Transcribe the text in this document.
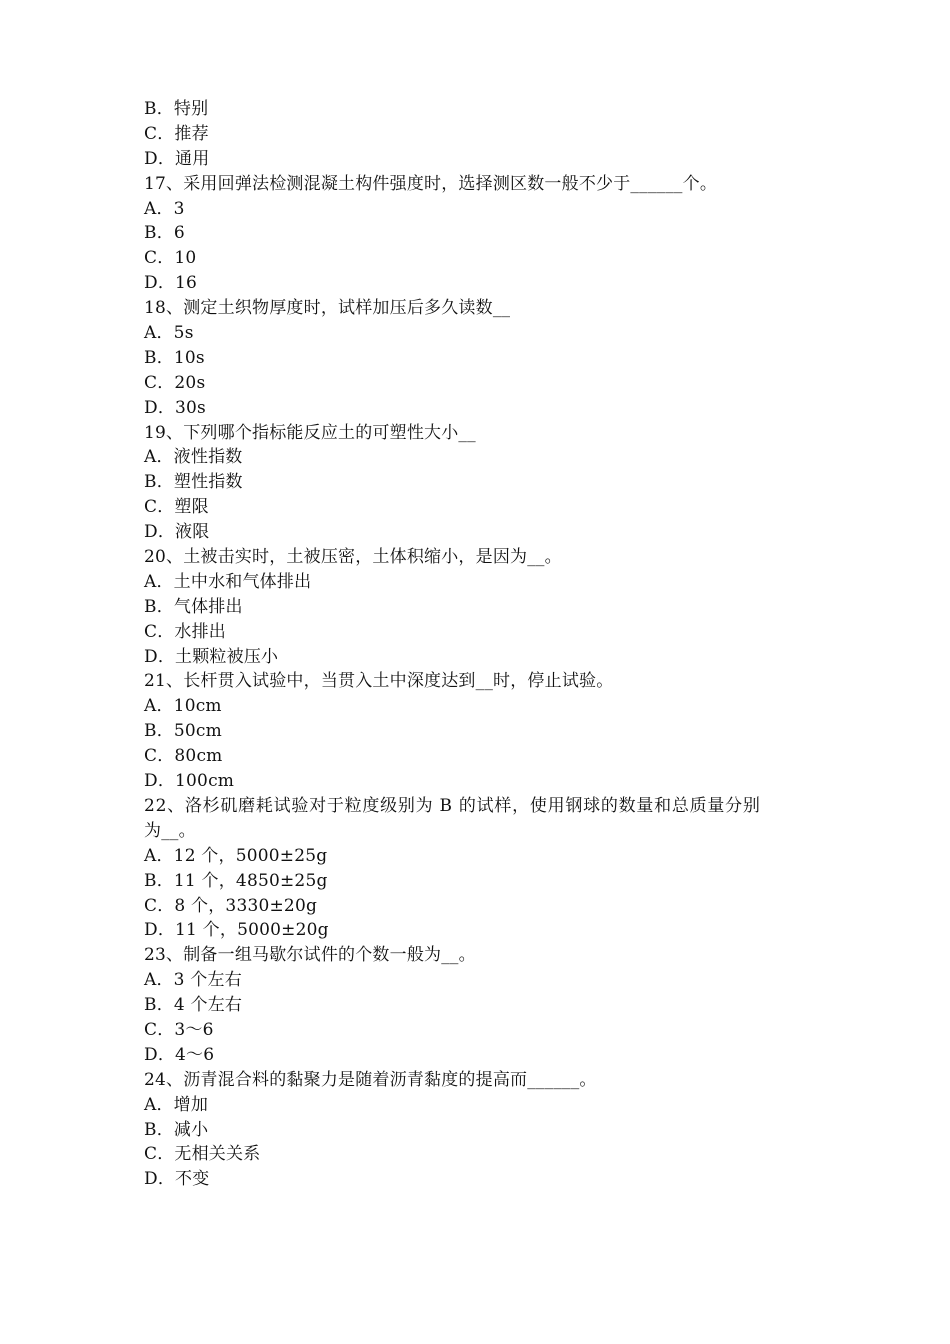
B．特别
C．推荐
D．通用
17、采用回弹法检测混凝土构件强度时，选择测区数一般不少于______个。
A．3
B．6
C．10
D．16
18、测定土织物厚度时，试样加压后多久读数__
A．5s
B．10s
C．20s
D．30s
19、下列哪个指标能反应土的可塑性大小__
A．液性指数
B．塑性指数
C．塑限
D．液限
20、土被击实时，土被压密，土体积缩小，是因为__。
A．土中水和气体排出
B．气体排出
C．水排出
D．土颗粒被压小
21、长杆贯入试验中，当贯入土中深度达到__时，停止试验。
A．10cm
B．50cm
C．80cm
D．100cm
22、洛杉矶磨耗试验对于粒度级别为 B 的试样，使用钢球的数量和总质量分别
为__。
A．12 个，5000±25g
B．11 个，4850±25g
C．8 个，3330±20g
D．11 个，5000±20g
23、制备一组马歇尔试件的个数一般为__。
A．3 个左右
B．4 个左右
C．3～6
D．4～6
24、沥青混合料的黏聚力是随着沥青黏度的提高而______。
A．增加
B．减小
C．无相关关系
D．不变
